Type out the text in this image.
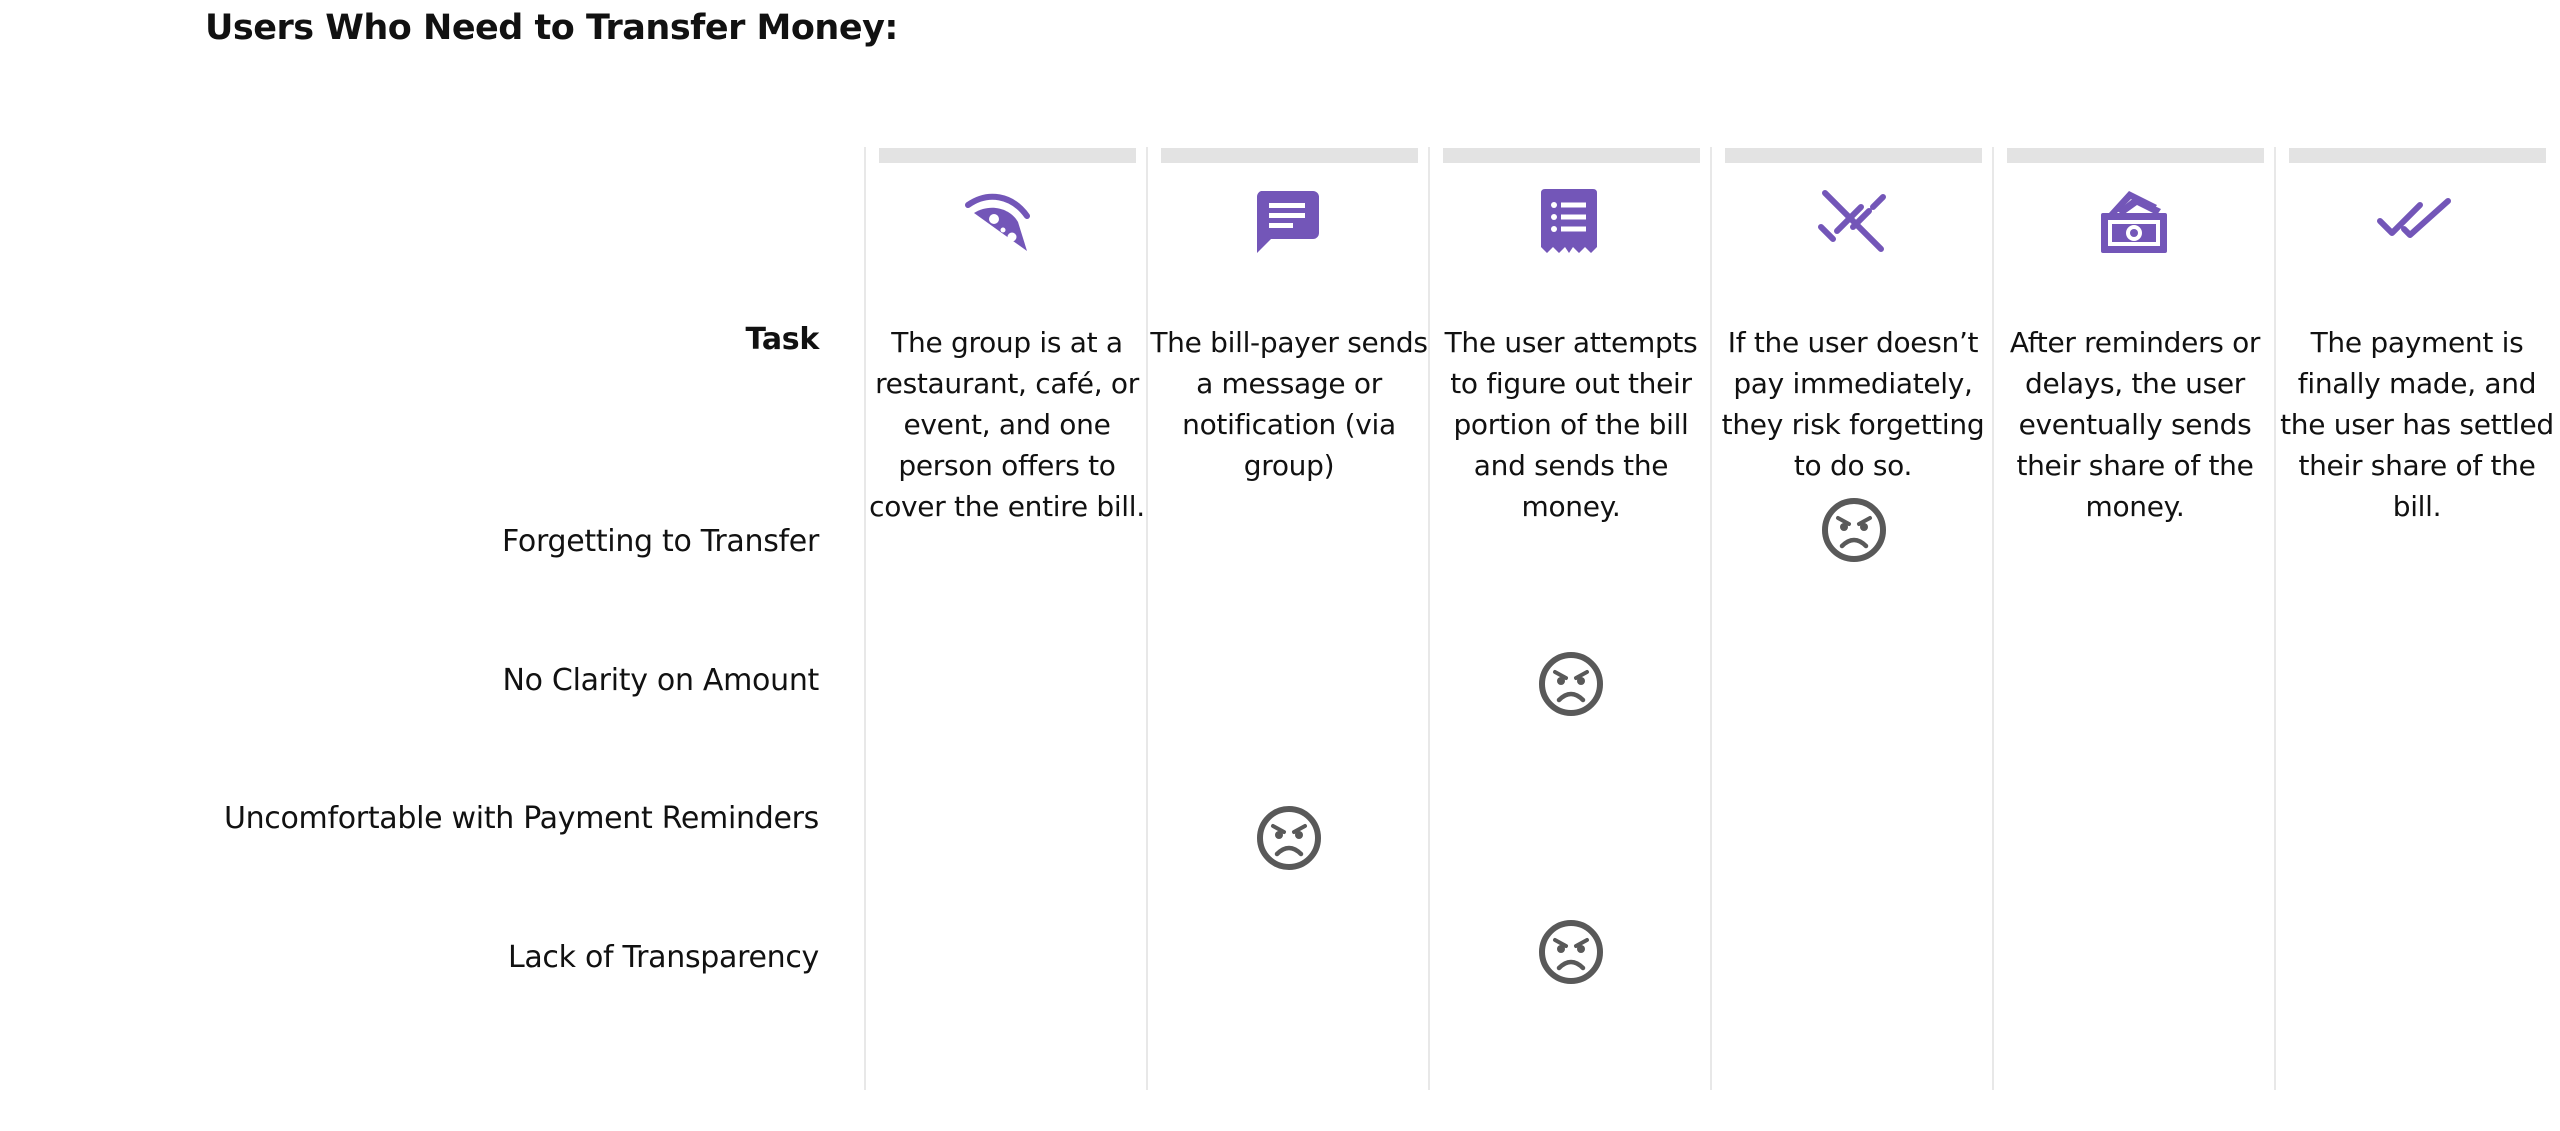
Users Who Need to Transfer Money:
Task
Forgetting to Transfer
No Clarity on Amount
Uncomfortable with Payment Reminders
Lack of Transparency
The group is at a restaurant, café, or event, and one person offers to cover the entire bill.
The bill-payer sends a message or notification (via group)
The user attempts to figure out their portion of the bill and sends the money.
If the user doesn’t pay immediately, they risk forgetting to do so.
After reminders or delays, the user eventually sends their share of the money.
The payment is finally made, and the user has settled their share of the bill.
